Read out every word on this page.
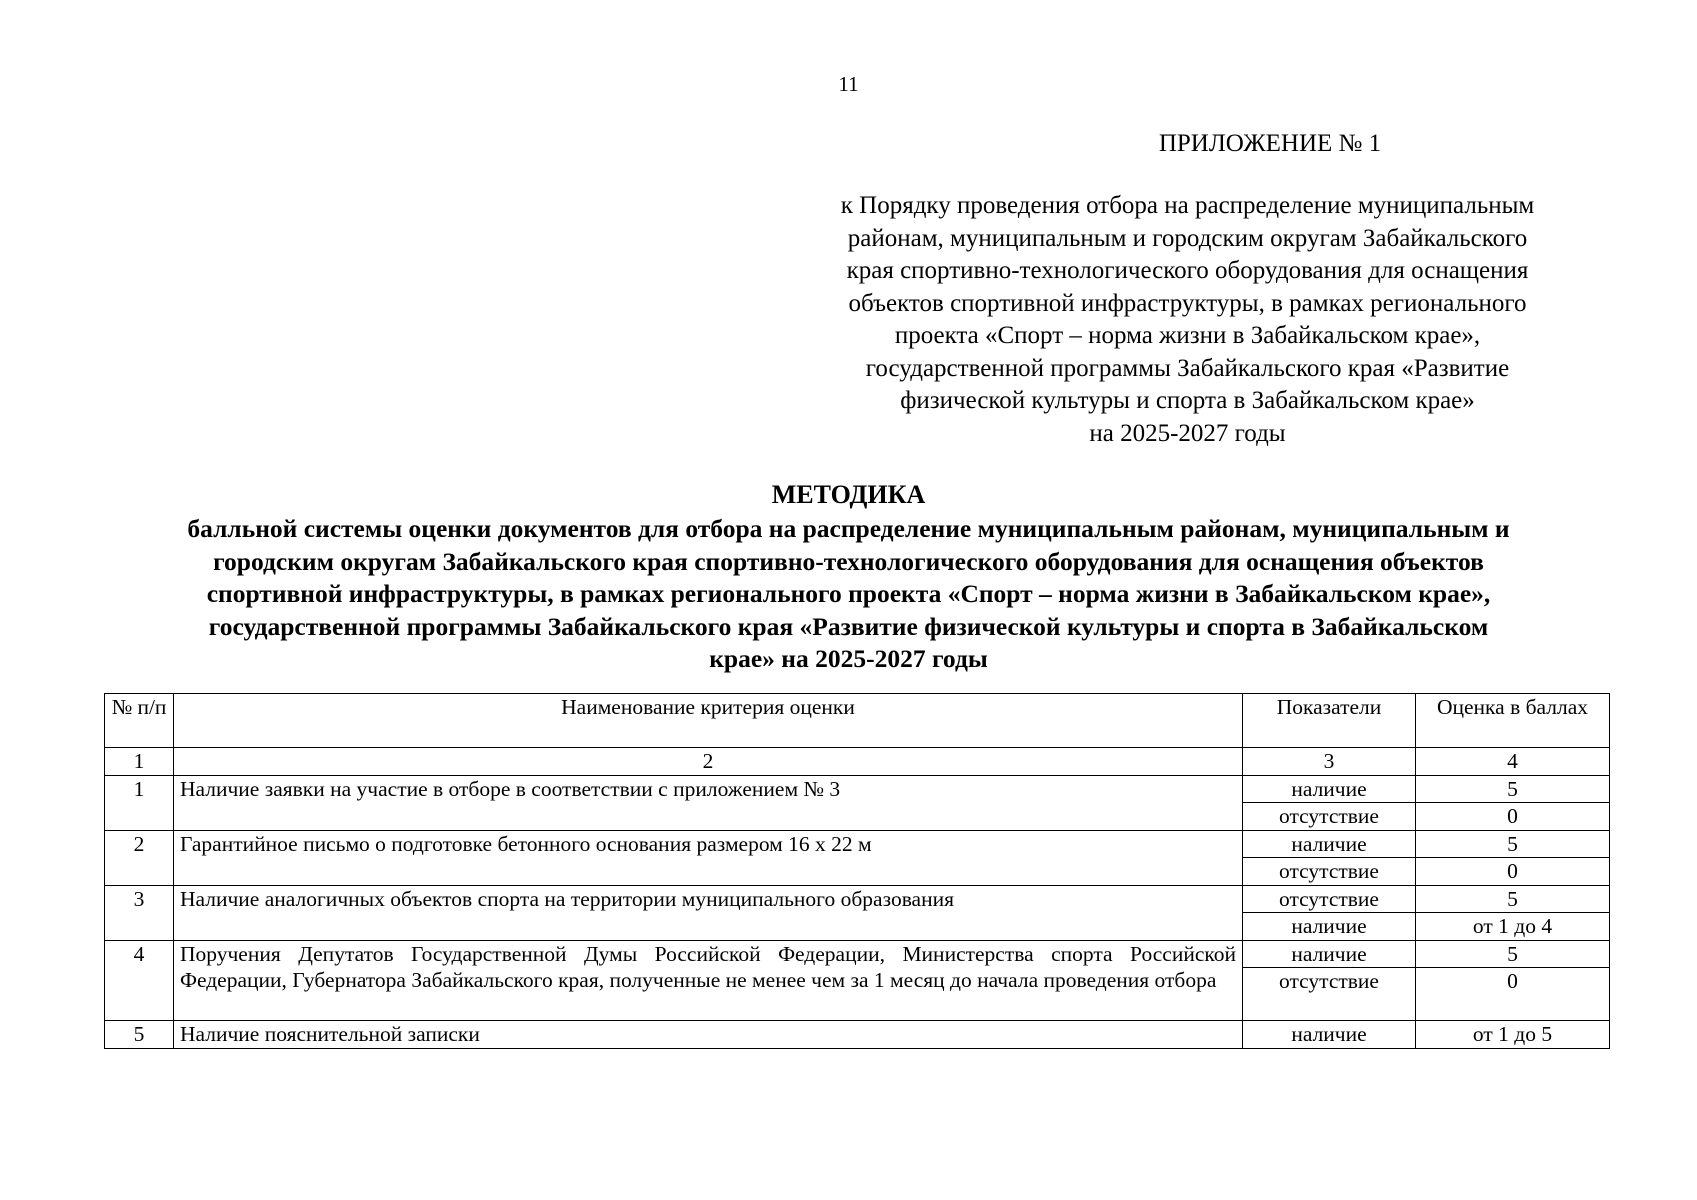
11
ПРИЛОЖЕНИЕ № 1
к Порядку проведения отбора на распределение муниципальным
районам, муниципальным и городским округам Забайкальского
края спортивно-технологического оборудования для оснащения
объектов спортивной инфраструктуры, в рамках регионального
проекта «Спорт – норма жизни в Забайкальском крае»,
государственной программы Забайкальского края «Развитие
физической культуры и спорта в Забайкальском крае»
на 2025-2027 годы
МЕТОДИКА
балльной системы оценки документов для отбора на распределение муниципальным районам, муниципальным и
городским округам Забайкальского края спортивно-технологического оборудования для оснащения объектов
спортивной инфраструктуры, в рамках регионального проекта «Спорт – норма жизни в Забайкальском крае»,
государственной программы Забайкальского края «Развитие физической культуры и спорта в Забайкальском
крае» на 2025-2027 годы
№ п/п	Наименование критерия оценки	Показатели	Оценка в баллах
1	2	3	4
1	Наличие заявки на участие в отборе в соответствии с приложением № 3	наличие	5
		отсутствие	0
2	Гарантийное письмо о подготовке бетонного основания размером 16 х 22 м	наличие	5
		отсутствие	0
3	Наличие аналогичных объектов спорта на территории муниципального образования	отсутствие	5
		наличие	от 1 до 4
4	Поручения Депутатов Государственной Думы Российской Федерации, Министерства спорта Российской Федерации, Губернатора Забайкальского края, полученные не менее чем за 1 месяц до начала проведения отбора	наличие	5
		отсутствие	0
5	Наличие пояснительной записки	наличие	от 1 до 5
